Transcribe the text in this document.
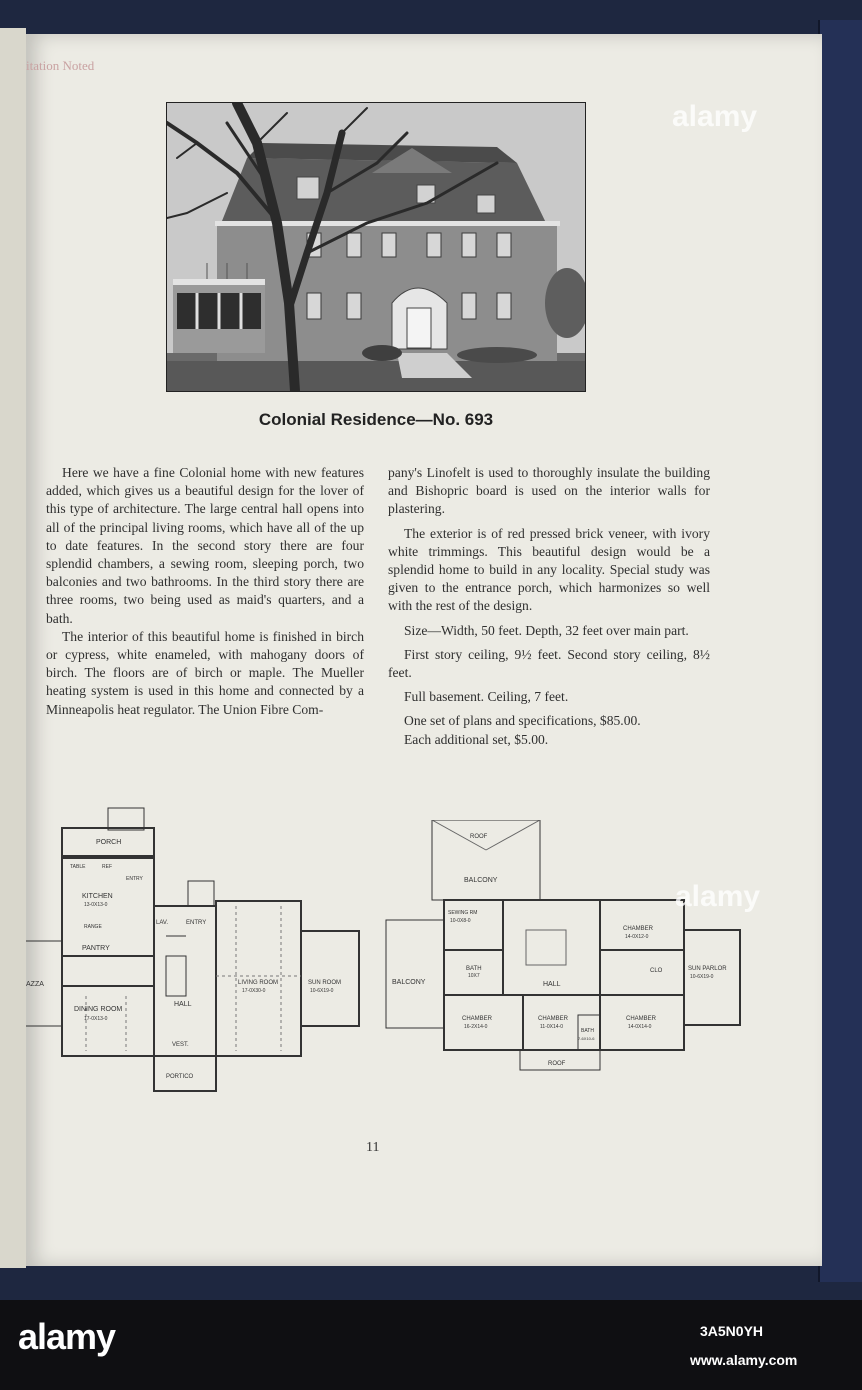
itation Noted
Colonial Residence—No. 693

Here we have a fine Colonial home with new features added, which gives us a beautiful design for the lover of this type of architecture. The large central hall opens into all of the principal living rooms, which have all of the up to date features. In the second story there are four splendid chambers, a sewing room, sleeping porch, two balconies and two bathrooms. In the third story there are three rooms, two being used as maid's quarters, and a bath.

The interior of this beautiful home is finished in birch or cypress, white enameled, with mahogany doors of birch. The floors are of birch or maple. The Mueller heating system is used in this home and connected by a Minneapolis heat regulator. The Union Fibre Com-

pany's Linofelt is used to thoroughly insulate the building and Bishopric board is used on the interior walls for plastering.

The exterior is of red pressed brick veneer, with ivory white trimmings. This beautiful design would be a splendid home to build in any locality. Special study was given to the entrance porch, which harmonizes so well with the rest of the design.

Size—Width, 50 feet. Depth, 32 feet over main part.

First story ceiling, 9½ feet. Second story ceiling, 8½ feet.

Full basement. Ceiling, 7 feet.

One set of plans and specifications, $85.00.

Each additional set, $5.00.

PORCH
TABLE	REF
ENTRY
KITCHEN
13-0X13-0
RANGE
PANTRY
LAV.	ENTRY
HALL
DINING ROOM
17-0X13-0
LIVING ROOM
17-0X30-0
SUN ROOM
10-6X19-0
VEST.
PORTICO
AZZA
ROOF
BALCONY
SEWING RM
10-0X8-0
BATH
10X7
BALCONY	HALL
CHAMBER
16-2X14-0
CHAMBER
11-0X14-0
CHAMBER
14-0X12-0
CHAMBER
14-0X14-0
CLO
BATH
7-6X10-6
SUN PARLOR
10-6X19-0
ROOF
11
alamy
alamy
alamy	3A5N0YH
www.alamy.com
